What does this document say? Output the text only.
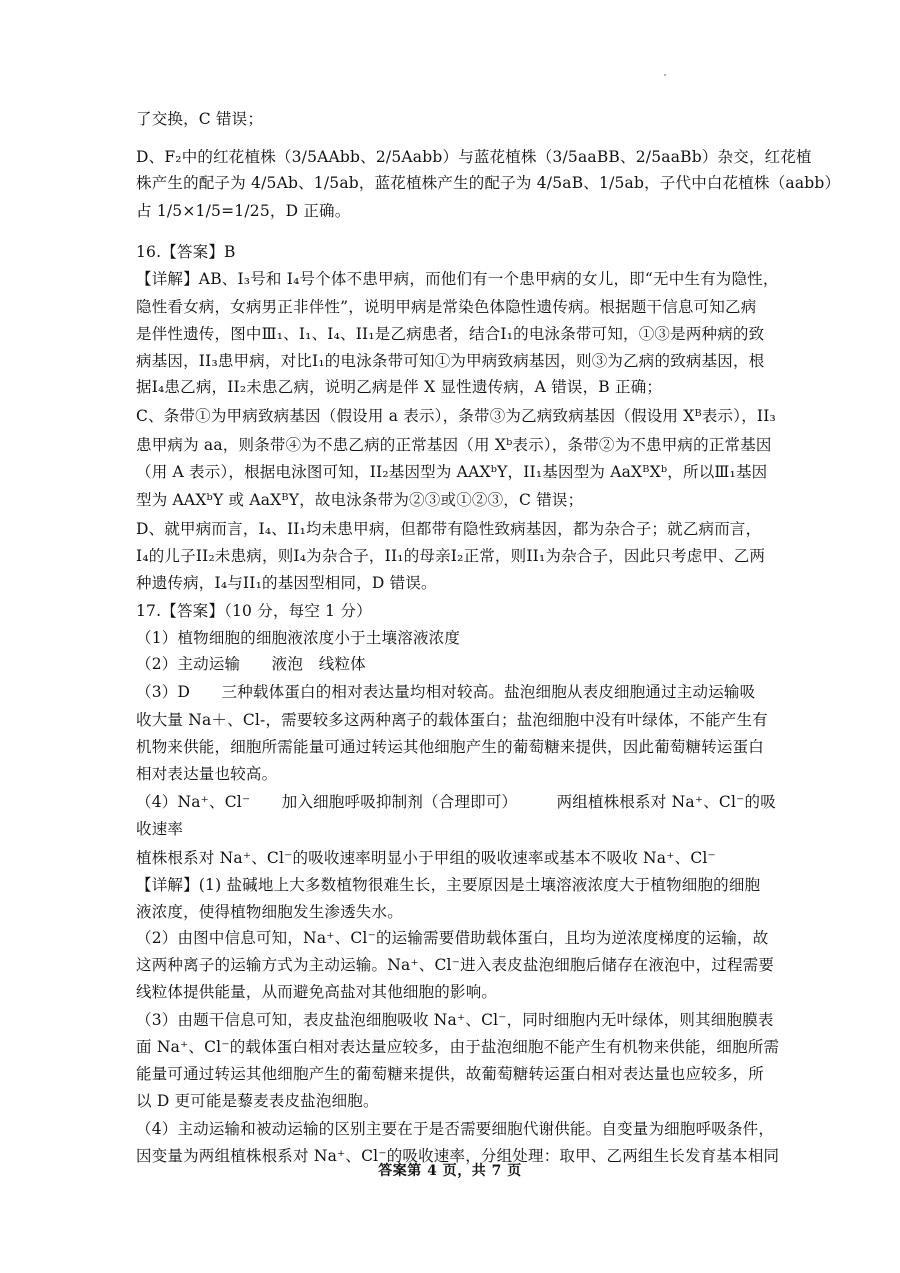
了交换，C 错误；
D、F₂中的红花植株（3/5AAbb、2/5Aabb）与蓝花植株（3/5aaBB、2/5aaBb）杂交，红花植
株产生的配子为 4/5Ab、1/5ab，蓝花植株产生的配子为 4/5aB、1/5ab，子代中白花植株（aabb）
占 1/5×1/5=1/25，D 正确。
16.【答案】B
【详解】AB、I₃号和 I₄号个体不患甲病，而他们有一个患甲病的女儿，即“无中生有为隐性，
隐性看女病，女病男正非伴性”，说明甲病是常染色体隐性遗传病。根据题干信息可知乙病
是伴性遗传，图中Ⅲ₁、I₁、I₄、II₁是乙病患者，结合I₁的电泳条带可知，①③是两种病的致
病基因，II₃患甲病，对比I₁的电泳条带可知①为甲病致病基因，则③为乙病的致病基因，根
据I₄患乙病，II₂未患乙病，说明乙病是伴 X 显性遗传病，A 错误，B 正确；
C、条带①为甲病致病基因（假设用 a 表示），条带③为乙病致病基因（假设用 Xᴮ表示），II₃
患甲病为 aa，则条带④为不患乙病的正常基因（用 Xᵇ表示），条带②为不患甲病的正常基因
（用 A 表示），根据电泳图可知，II₂基因型为 AAXᵇY，II₁基因型为 AaXᴮXᵇ，所以Ⅲ₁基因
型为 AAXᵇY 或 AaXᴮY，故电泳条带为②③或①②③，C 错误；
D、就甲病而言，I₄、II₁均未患甲病，但都带有隐性致病基因，都为杂合子；就乙病而言，
I₄的儿子II₂未患病，则I₄为杂合子，II₁的母亲I₂正常，则II₁为杂合子，因此只考虑甲、乙两
种遗传病，I₄与II₁的基因型相同，D 错误。
17.【答案】（10 分，每空 1 分）
（1）植物细胞的细胞液浓度小于土壤溶液浓度
（2）主动运输　　液泡　线粒体
（3）D　　三种载体蛋白的相对表达量均相对较高。盐泡细胞从表皮细胞通过主动运输吸
收大量 Na＋、Cl-，需要较多这两种离子的载体蛋白；盐泡细胞中没有叶绿体，不能产生有
机物来供能，细胞所需能量可通过转运其他细胞产生的葡萄糖来提供，因此葡萄糖转运蛋白
相对表达量也较高。
（4）Na⁺、Cl⁻　　加入细胞呼吸抑制剂（合理即可）　　　两组植株根系对 Na⁺、Cl⁻的吸
收速率
植株根系对 Na⁺、Cl⁻的吸收速率明显小于甲组的吸收速率或基本不吸收 Na⁺、Cl⁻
【详解】(1) 盐碱地上大多数植物很难生长，主要原因是土壤溶液浓度大于植物细胞的细胞
液浓度，使得植物细胞发生渗透失水。
（2）由图中信息可知，Na⁺、Cl⁻的运输需要借助载体蛋白，且均为逆浓度梯度的运输，故
这两种离子的运输方式为主动运输。Na⁺、Cl⁻进入表皮盐泡细胞后储存在液泡中，过程需要
线粒体提供能量，从而避免高盐对其他细胞的影响。
（3）由题干信息可知，表皮盐泡细胞吸收 Na⁺、Cl⁻，同时细胞内无叶绿体，则其细胞膜表
面 Na⁺、Cl⁻的载体蛋白相对表达量应较多，由于盐泡细胞不能产生有机物来供能，细胞所需
能量可通过转运其他细胞产生的葡萄糖来提供，故葡萄糖转运蛋白相对表达量也应较多，所
以 D 更可能是藜麦表皮盐泡细胞。
（4）主动运输和被动运输的区别主要在于是否需要细胞代谢供能。自变量为细胞呼吸条件，
因变量为两组植株根系对 Na⁺、Cl⁻的吸收速率，分组处理：取甲、乙两组生长发育基本相同
答案第 4 页，共 7 页
